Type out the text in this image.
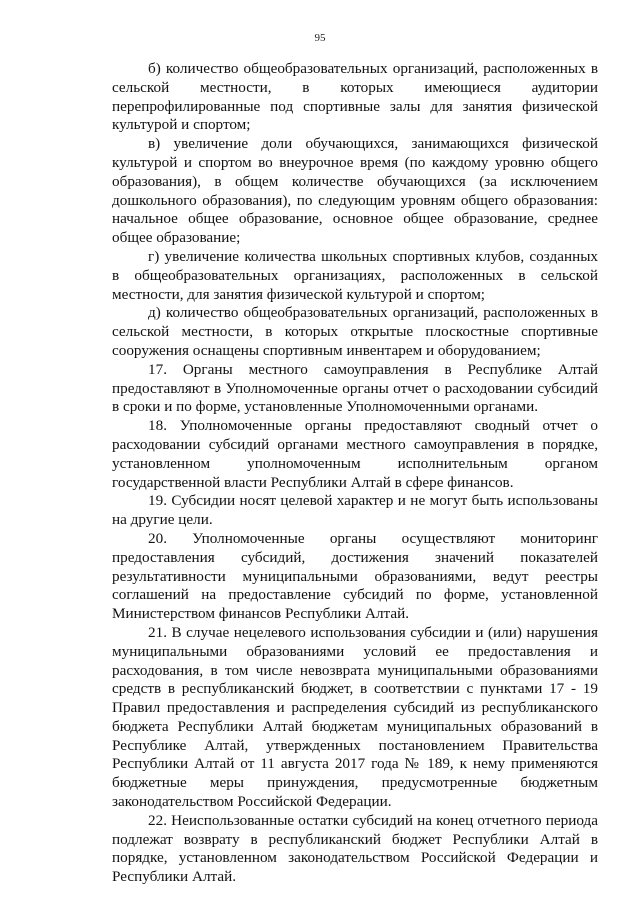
95

б) количество общеобразовательных организаций, расположенных в сельской местности, в которых имеющиеся аудитории перепрофилированные под спортивные залы для занятия физической культурой и спортом;

в) увеличение доли обучающихся, занимающихся физической культурой и спортом во внеурочное время (по каждому уровню общего образования), в общем количестве обучающихся (за исключением дошкольного образования), по следующим уровням общего образования: начальное общее образование, основное общее образование, среднее общее образование;

г) увеличение количества школьных спортивных клубов, созданных в общеобразовательных организациях, расположенных в сельской местности, для занятия физической культурой и спортом;

д) количество общеобразовательных организаций, расположенных в сельской местности, в которых открытые плоскостные спортивные сооружения оснащены спортивным инвентарем и оборудованием;

17. Органы местного самоуправления в Республике Алтай предоставляют в Уполномоченные органы отчет о расходовании субсидий в сроки и по форме, установленные Уполномоченными органами.

18. Уполномоченные органы предоставляют сводный отчет о расходовании субсидий органами местного самоуправления в порядке, установленном уполномоченным исполнительным органом государственной власти Республики Алтай в сфере финансов.

19. Субсидии носят целевой характер и не могут быть использованы на другие цели.

20. Уполномоченные органы осуществляют мониторинг предоставления субсидий, достижения значений показателей результативности муниципальными образованиями, ведут реестры соглашений на предоставление субсидий по форме, установленной Министерством финансов Республики Алтай.

21. В случае нецелевого использования субсидии и (или) нарушения муниципальными образованиями условий ее предоставления и расходования, в том числе невозврата муниципальными образованиями средств в республиканский бюджет, в соответствии с пунктами 17 - 19 Правил предоставления и распределения субсидий из республиканского бюджета Республики Алтай бюджетам муниципальных образований в Республике Алтай, утвержденных постановлением Правительства Республики Алтай от 11 августа 2017 года № 189, к нему применяются бюджетные меры принуждения, предусмотренные бюджетным законодательством Российской Федерации.

22. Неиспользованные остатки субсидий на конец отчетного периода подлежат возврату в республиканский бюджет Республики Алтай в порядке, установленном законодательством Российской Федерации и Республики Алтай.
